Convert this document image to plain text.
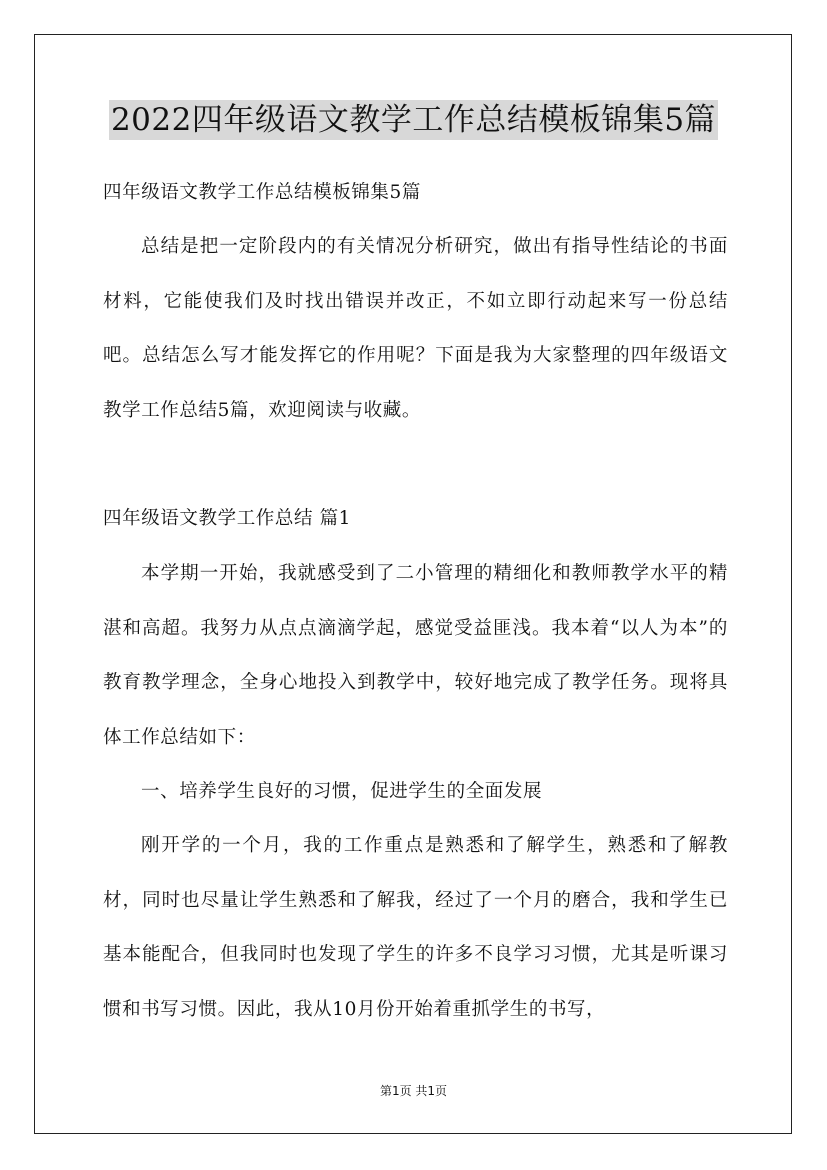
2022四年级语文教学工作总结模板锦集5篇

四年级语文教学工作总结模板锦集5篇

总结是把一定阶段内的有关情况分析研究，做出有指导性结论的书面材料，它能使我们及时找出错误并改正，不如立即行动起来写一份总结吧。总结怎么写才能发挥它的作用呢？下面是我为大家整理的四年级语文教学工作总结5篇，欢迎阅读与收藏。

四年级语文教学工作总结 篇1

本学期一开始，我就感受到了二小管理的精细化和教师教学水平的精湛和高超。我努力从点点滴滴学起，感觉受益匪浅。我本着“以人为本”的教育教学理念，全身心地投入到教学中，较好地完成了教学任务。现将具体工作总结如下：

一、培养学生良好的习惯，促进学生的全面发展

刚开学的一个月，我的工作重点是熟悉和了解学生，熟悉和了解教材，同时也尽量让学生熟悉和了解我，经过了一个月的磨合，我和学生已基本能配合，但我同时也发现了学生的许多不良学习习惯，尤其是听课习惯和书写习惯。因此，我从10月份开始着重抓学生的书写，

第1页 共1页
